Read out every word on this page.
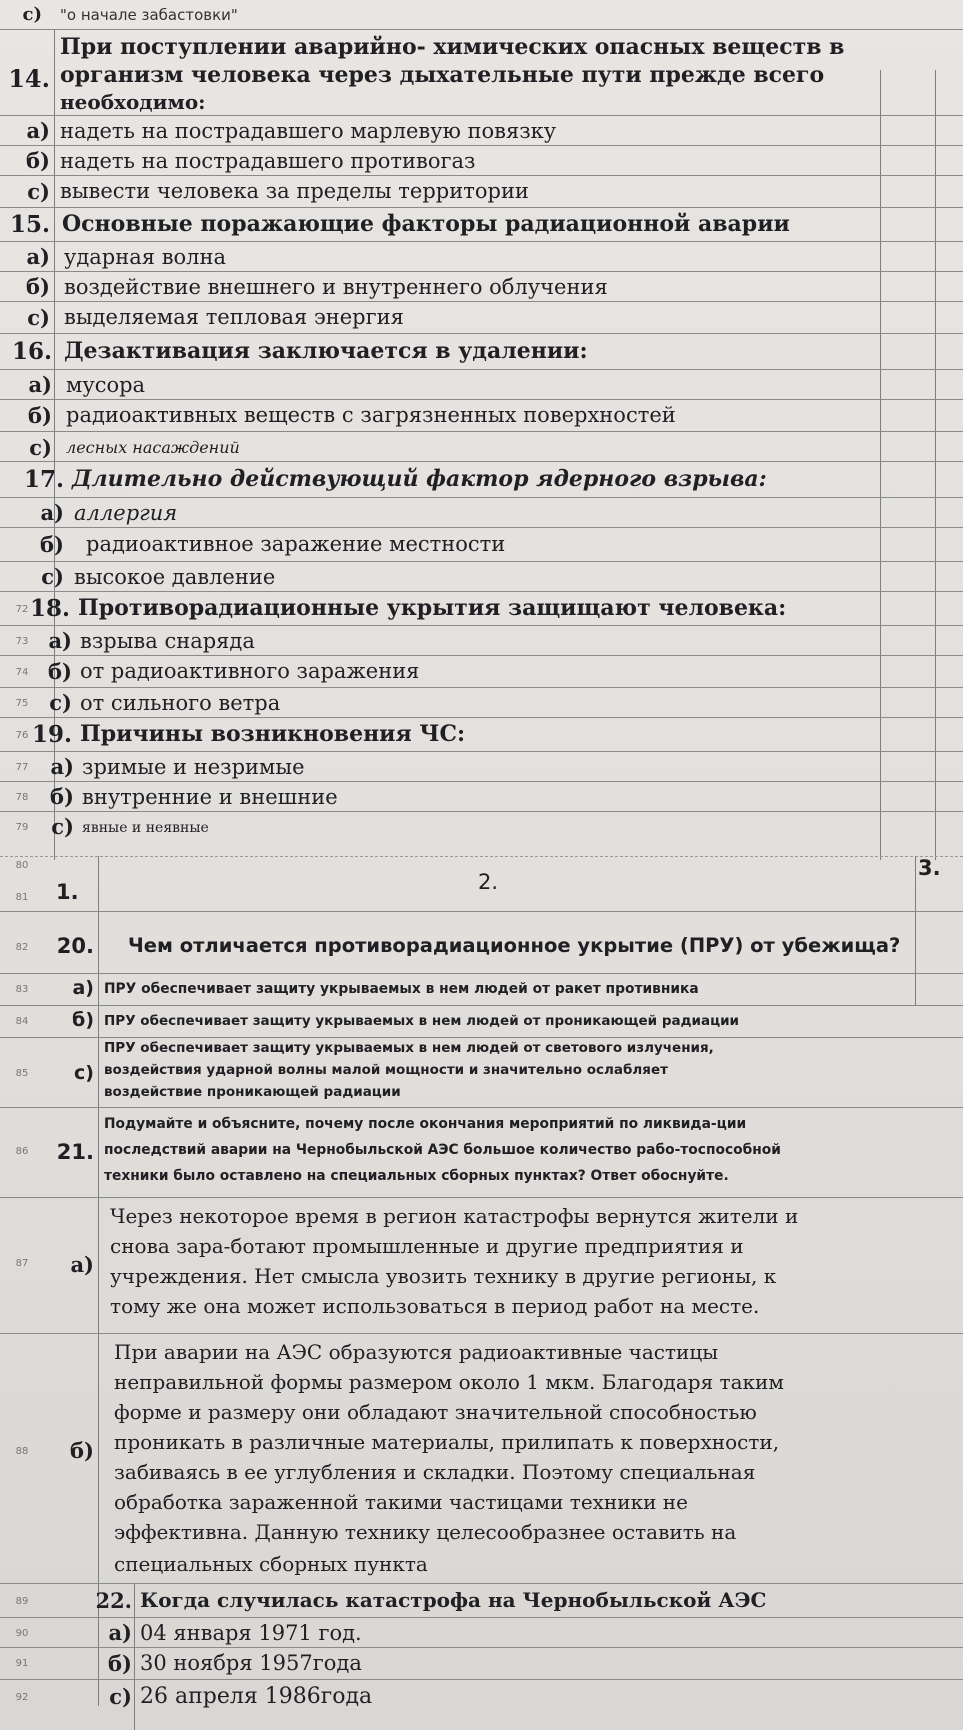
c) "о начале забастовки"
14.
При поступлении аварийно- химических опасных веществ в
организм человека через дыхательные пути прежде всего
необходимо:
а) надеть на пострадавшего марлевую повязку
б) надеть на пострадавшего противогаз
с) вывести человека за пределы территории
15. Основные поражающие факторы радиационной аварии
а) ударная волна
б) воздействие внешнего и внутреннего облучения
с) выделяемая тепловая энергия
16. Дезактивация заключается в удалении:
а) мусора
б) радиоактивных веществ с загрязненных поверхностей
с) лесных насаждений
17. Длительно действующий фактор ядерного взрыва:
а) аллергия
б) радиоактивное заражение местности
с) высокое давление
72 18. Противорадиационные укрытия защищают человека:
73 а) взрыва снаряда
74 б) от радиоактивного заражения
75 с) от сильного ветра
76 19. Причины возникновения ЧС:
77	а) зримые и незримые
78	б) внутренние и внешние
79	с) явные и неявные
80
81	1.	2.
3.
82	20. Чем отличается противорадиационное укрытие (ПРУ) от убежища?
83	а) ПРУ обеспечивает защиту укрываемых в нем людей от ракет противника
84	б) ПРУ обеспечивает защиту укрываемых в нем людей от проникающей радиации
85	с)
ПРУ обеспечивает защиту укрываемых в нем людей от светового излучения,
воздействия ударной волны малой мощности и значительно ослабляет
воздействие проникающей радиации
86	21.
Подумайте и объясните, почему после окончания мероприятий по ликвида-ции
последствий аварии на Чернобыльской АЭС большое количество рабо-тоспособной
техники было оставлено на специальных сборных пунктах? Ответ обоснуйте.
87	а)
Через некоторое время в регион катастрофы вернутся жители и
снова зара-ботают промышленные и другие предприятия и
учреждения. Нет смысла увозить технику в другие регионы, к
тому же она может использоваться в период работ на месте.
88	б)
При аварии на АЭС образуются радиоактивные частицы
неправильной формы размером около 1 мкм. Благодаря таким
форме и размеру они обладают значительной способностью
проникать в различные материалы, прилипать к поверхности,
забиваясь в ее углубления и складки. Поэтому специальная
обработка зараженной такими частицами техники не
эффективна. Данную технику целесообразнее оставить на
специальных сборных пункта
89	22. Когда случилась катастрофа на Чернобыльской АЭС
90	а) 04 января 1971 год.
91	б) 30 ноября 1957года
92	с) 26 апреля 1986года
